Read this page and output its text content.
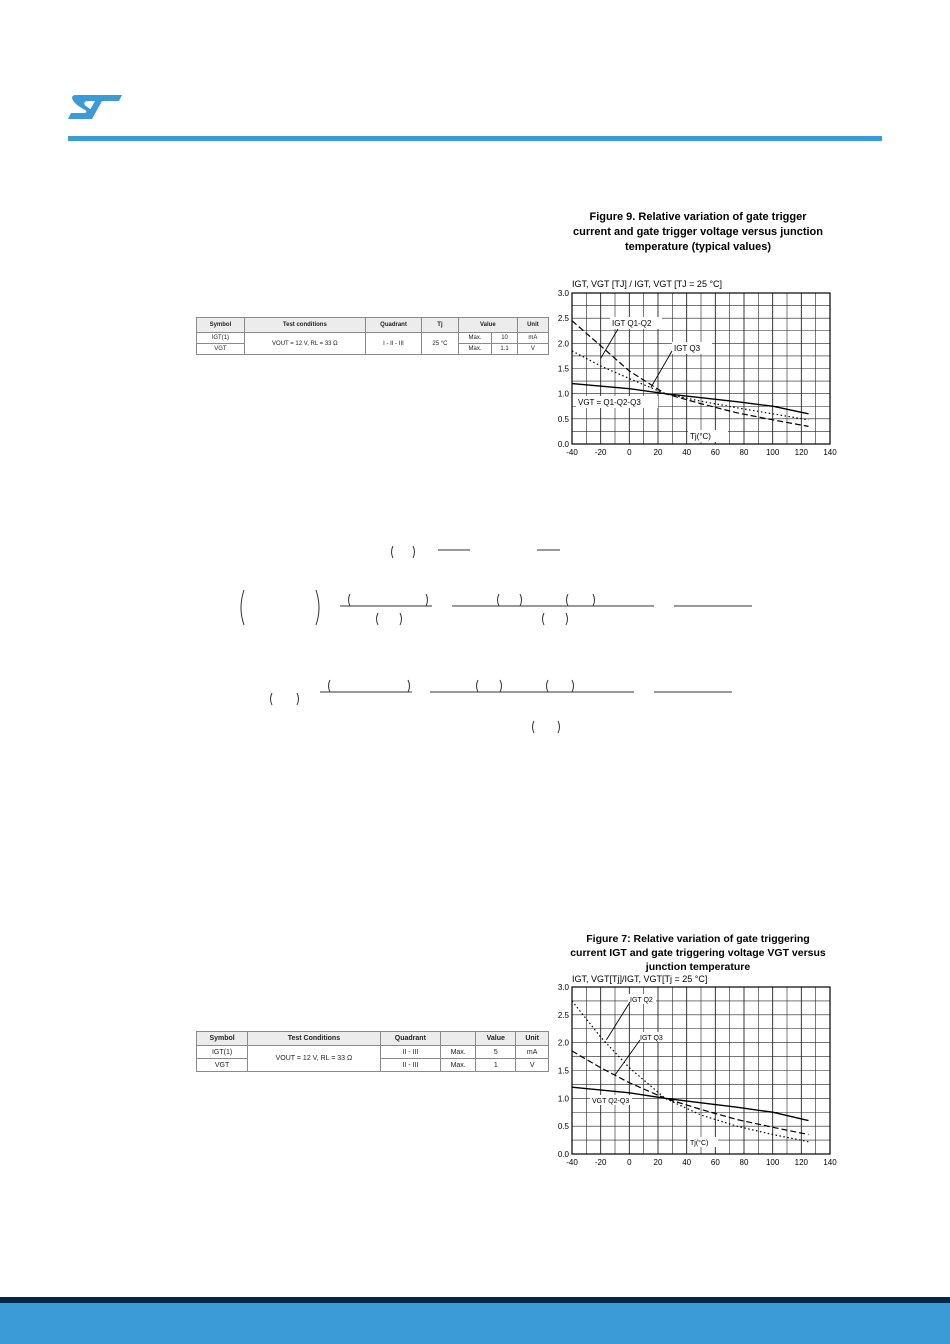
Symbol	Test conditions	Quadrant	Tj	Value		Unit
IGT(1)	VOUT = 12 V, RL = 33 Ω	I - II - III	25 °C	Max.	10	mA
VGT				Max.	1.1	V
Figure 9. Relative variation of gate trigger
current and gate trigger voltage versus junction
temperature (typical values)
IGT, VGT [TJ] / IGT, VGT [TJ = 25 °C]
-40 -20	0	20 40 60 80 100 120 140
0.0
0.5
1.0
1.5
2.0
2.5
3.0
IGT Q1-Q2
IGT Q3
VGT = Q1-Q2-Q3
Tj(°C)
Symbol	Test Conditions	Quadrant		Value	Unit
IGT(1)	VOUT = 12 V, RL = 33 Ω	II - III	Max.	5	mA
VGT		II - III	Max.	1	V
Figure 7: Relative variation of gate triggering
current IGT and gate triggering voltage VGT versus
junction temperature
IGT, VGT[Tj]/IGT, VGT[Tj = 25 °C]
-40 -20	0	20 40 60 80 100 120 140
0.0
0.5
1.0
1.5
2.0
2.5
3.0
IGT Q2
IGT Q3
VGT Q2-Q3
Tj(°C)
